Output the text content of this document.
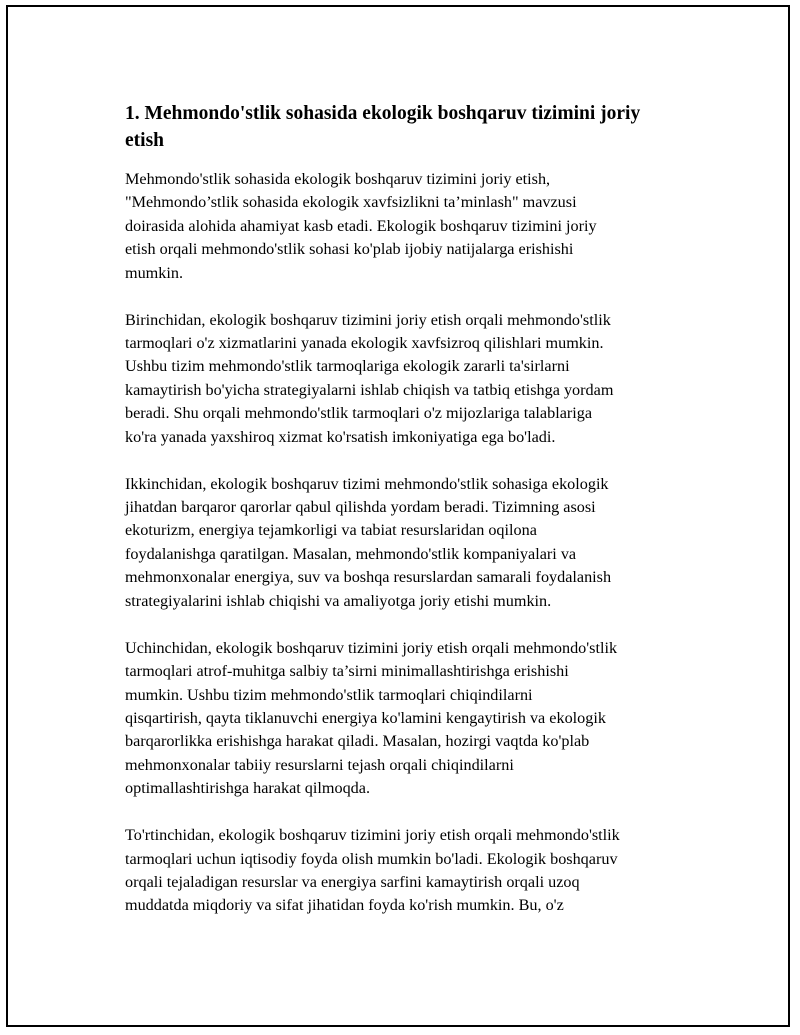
1. Mehmondo'stlik sohasida ekologik boshqaruv tizimini joriy
etish

Mehmondo'stlik sohasida ekologik boshqaruv tizimini joriy etish,
"Mehmondo’stlik sohasida ekologik xavfsizlikni ta’minlash" mavzusi
doirasida alohida ahamiyat kasb etadi. Ekologik boshqaruv tizimini joriy
etish orqali mehmondo'stlik sohasi ko'plab ijobiy natijalarga erishishi
mumkin.

Birinchidan, ekologik boshqaruv tizimini joriy etish orqali mehmondo'stlik
tarmoqlari o'z xizmatlarini yanada ekologik xavfsizroq qilishlari mumkin.
Ushbu tizim mehmondo'stlik tarmoqlariga ekologik zararli ta'sirlarni
kamaytirish bo'yicha strategiyalarni ishlab chiqish va tatbiq etishga yordam
beradi. Shu orqali mehmondo'stlik tarmoqlari o'z mijozlariga talablariga
ko'ra yanada yaxshiroq xizmat ko'rsatish imkoniyatiga ega bo'ladi.

Ikkinchidan, ekologik boshqaruv tizimi mehmondo'stlik sohasiga ekologik
jihatdan barqaror qarorlar qabul qilishda yordam beradi. Tizimning asosi
ekoturizm, energiya tejamkorligi va tabiat resurslaridan oqilona
foydalanishga qaratilgan. Masalan, mehmondo'stlik kompaniyalari va
mehmonxonalar energiya, suv va boshqa resurslardan samarali foydalanish
strategiyalarini ishlab chiqishi va amaliyotga joriy etishi mumkin.

Uchinchidan, ekologik boshqaruv tizimini joriy etish orqali mehmondo'stlik
tarmoqlari atrof-muhitga salbiy ta’sirni minimallashtirishga erishishi
mumkin. Ushbu tizim mehmondo'stlik tarmoqlari chiqindilarni
qisqartirish, qayta tiklanuvchi energiya ko'lamini kengaytirish va ekologik
barqarorlikka erishishga harakat qiladi. Masalan, hozirgi vaqtda ko'plab
mehmonxonalar tabiiy resurslarni tejash orqali chiqindilarni
optimallashtirishga harakat qilmoqda.

To'rtinchidan, ekologik boshqaruv tizimini joriy etish orqali mehmondo'stlik
tarmoqlari uchun iqtisodiy foyda olish mumkin bo'ladi. Ekologik boshqaruv
orqali tejaladigan resurslar va energiya sarfini kamaytirish orqali uzoq
muddatda miqdoriy va sifat jihatidan foyda ko'rish mumkin. Bu, o'z
